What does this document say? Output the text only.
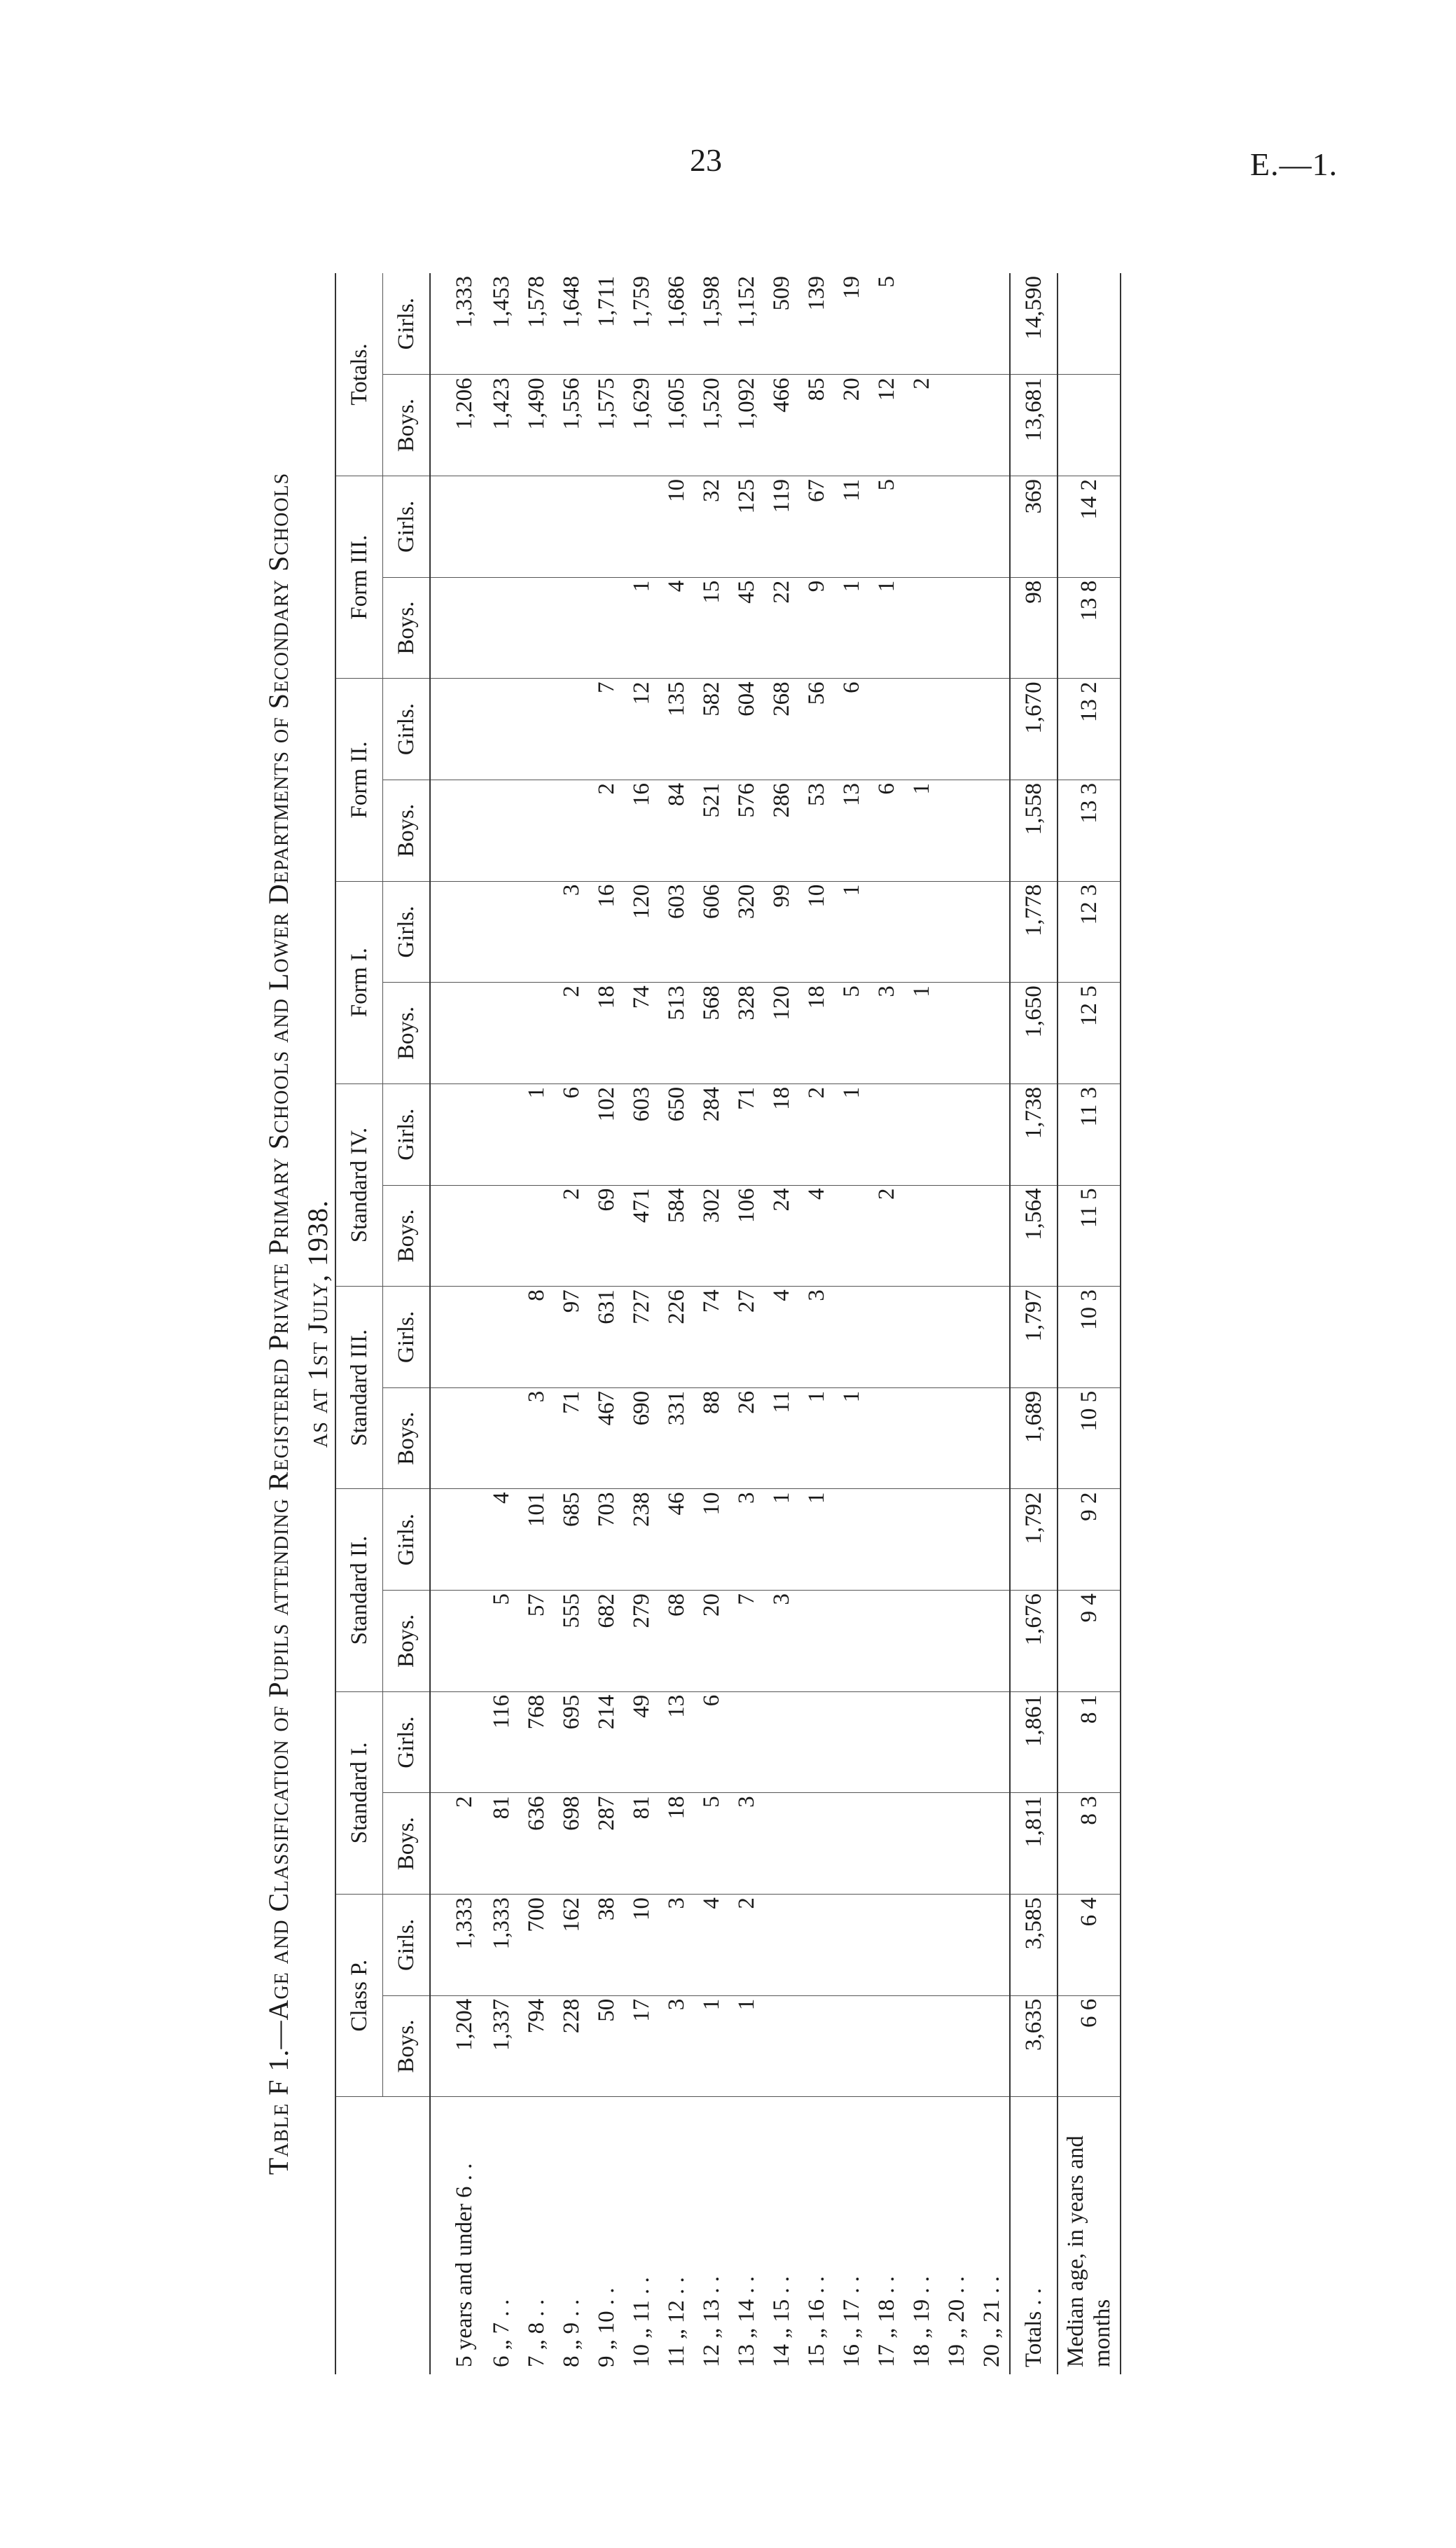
23	E.—1.
Table F 1.—Age and Classification of Pupils attending Registered Private Primary Schools and Lower Departments of Secondary Schools as at 1st July, 1938.
	Class P.		Standard I.		Standard II.		Standard III.		Standard IV.		Form I.		Form II.		Form III.		Totals.	
	Boys.	Girls.	Boys.	Girls.	Boys.	Girls.	Boys.	Girls.	Boys.	Girls.	Boys.	Girls.	Boys.	Girls.	Boys.	Girls.	Boys.	Girls.
5 years and under 6 . .	1,204	1,333	2														1,206	1,333
6 „ 7 . .	1,337	1,333	81	116	5	4											1,423	1,453
7 „ 8 . .	794	700	636	768	57	101	3	8		1							1,490	1,578
8 „ 9 . .	228	162	698	695	555	685	71	97	2	6	2	3					1,556	1,648
9 „ 10 . .	50	38	287	214	682	703	467	631	69	102	18	16	2	7			1,575	1,711
10 „ 11 . .	17	10	81	49	279	238	690	727	471	603	74	120	16	12	1		1,629	1,759
11 „ 12 . .	3	3	18	13	68	46	331	226	584	650	513	603	84	135	4	10	1,605	1,686
12 „ 13 . .	1	4	5	6	20	10	88	74	302	284	568	606	521	582	15	32	1,520	1,598
13 „ 14 . .	1	2	3		7	3	26	27	106	71	328	320	576	604	45	125	1,092	1,152
14 „ 15 . .					3	1	11	4	24	18	120	99	286	268	22	119	466	509
15 „ 16 . .						1	1	3	4	2	18	10	53	56	9	67	85	139
16 „ 17 . .							1			1	5	1	13	6	1	11	20	19
17 „ 18 . .									2		3		6		1	5	12	5
18 „ 19 . .											1		1				2	
19 „ 20 . .																		
20 „ 21 . .																		
Totals . .	3,635	3,585	1,811	1,861	1,676	1,792	1,689	1,797	1,564	1,738	1,650	1,778	1,558	1,670	98	369	13,681	14,590
Median age, in years and months	6 6	6 4	8 3	8 1	9 4	9 2	10 5	10 3	11 5	11 3	12 5	12 3	13 3	13 2	13 8	14 2		
